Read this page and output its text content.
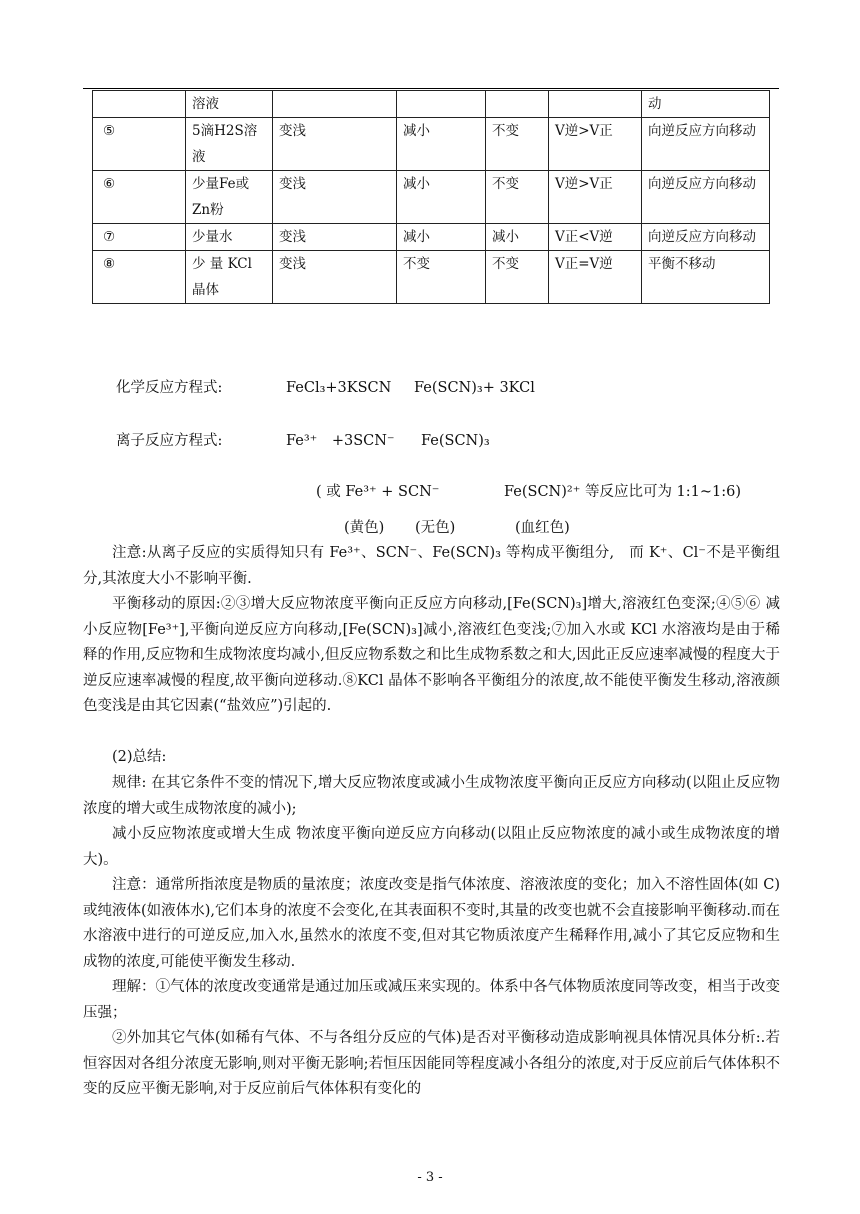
	溶液					动
⑤	5滴H2S溶液	变浅	减小	不变	V逆>V正	向逆反应方向移动
⑥	少量Fe或Zn粉	变浅	减小	不变	V逆>V正	向逆反应方向移动
⑦	少量水	变浅	减小	减小	V正<V逆	向逆反应方向移动
⑧	少 量 KCl 晶体	变浅	不变	不变	V正=V逆	平衡不移动
化学反应方程式:	FeCl₃+3KSCN Fe(SCN)₃+ 3KCl
离子反应方程式:	Fe³⁺　+3SCN⁻ Fe(SCN)₃
( 或 Fe³⁺ + SCN⁻	Fe(SCN)²⁺ 等反应比可为 1:1~1:6)
(黄色) (无色)	(血红色)
注意:从离子反应的实质得知只有 Fe³⁺、SCN⁻、Fe(SCN)₃ 等构成平衡组分,　而 K⁺、Cl⁻不是平衡组分,其浓度大小不影响平衡.
平衡移动的原因:②③增大反应物浓度平衡向正反应方向移动,[Fe(SCN)₃]增大,溶液红色变深;④⑤⑥ 减小反应物[Fe³⁺],平衡向逆反应方向移动,[Fe(SCN)₃]减小,溶液红色变浅;⑦加入水或 KCl 水溶液均是由于稀释的作用,反应物和生成物浓度均减小,但反应物系数之和比生成物系数之和大,因此正反应速率减慢的程度大于逆反应速率减慢的程度,故平衡向逆移动.⑧KCl 晶体不影响各平衡组分的浓度,故不能使平衡发生移动,溶液颜色变浅是由其它因素(“盐效应”)引起的.
(2)总结:
规律: 在其它条件不变的情况下,增大反应物浓度或减小生成物浓度平衡向正反应方向移动(以阻止反应物浓度的增大或生成物浓度的减小);
减小反应物浓度或增大生成 物浓度平衡向逆反应方向移动(以阻止反应物浓度的减小或生成物浓度的增大)。
注意：通常所指浓度是物质的量浓度；浓度改变是指气体浓度、溶液浓度的变化；加入不溶性固体(如 C)或纯液体(如液体水),它们本身的浓度不会变化,在其表面积不变时,其量的改变也就不会直接影响平衡移动.而在水溶液中进行的可逆反应,加入水,虽然水的浓度不变,但对其它物质浓度产生稀释作用,减小了其它反应物和生成物的浓度,可能使平衡发生移动.
理解：①气体的浓度改变通常是通过加压或减压来实现的。体系中各气体物质浓度同等改变，相当于改变压强；
②外加其它气体(如稀有气体、不与各组分反应的气体)是否对平衡移动造成影响视具体情况具体分析:.若恒容因对各组分浓度无影响,则对平衡无影响;若恒压因能同等程度减小各组分的浓度,对于反应前后气体体积不变的反应平衡无影响,对于反应前后气体体积有变化的
- 3 -
